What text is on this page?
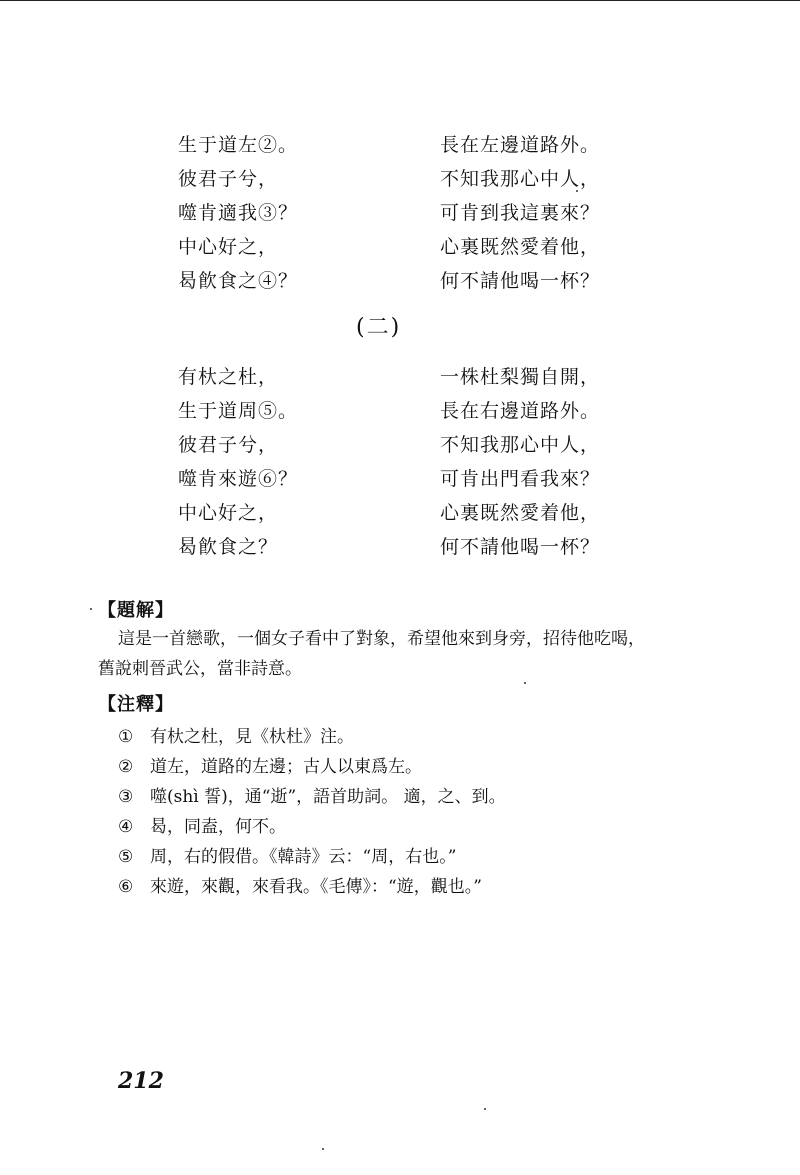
生于道左②。	長在左邊道路外。
彼君子兮，	不知我那心中人，
噬肯適我③？	可肯到我這裏來？
中心好之，	心裏既然愛着他，
曷飮食之④？	何不請他喝一杯？
(二)
有杕之杜，	一株杜梨獨自開，
生于道周⑤。	長在右邊道路外。
彼君子兮，	不知我那心中人，
噬肯來遊⑥？	可肯出門看我來？
中心好之，	心裏既然愛着他，
曷飮食之？	何不請他喝一杯？
【題解】
這是一首戀歌，一個女子看中了對象，希望他來到身旁，招待他吃喝，
舊說刺晉武公，當非詩意。
【注釋】
① 有杕之杜，見《杕杜》注。
② 道左，道路的左邊；古人以東爲左。
③ 噬(shì 誓)，通“逝”，語首助詞。 適，之、到。
④ 曷，同盍，何不。
⑤ 周，右的假借。《韓詩》云：“周，右也。”
⑥ 來遊，來觀，來看我。《毛傳》：“遊，觀也。”
212
